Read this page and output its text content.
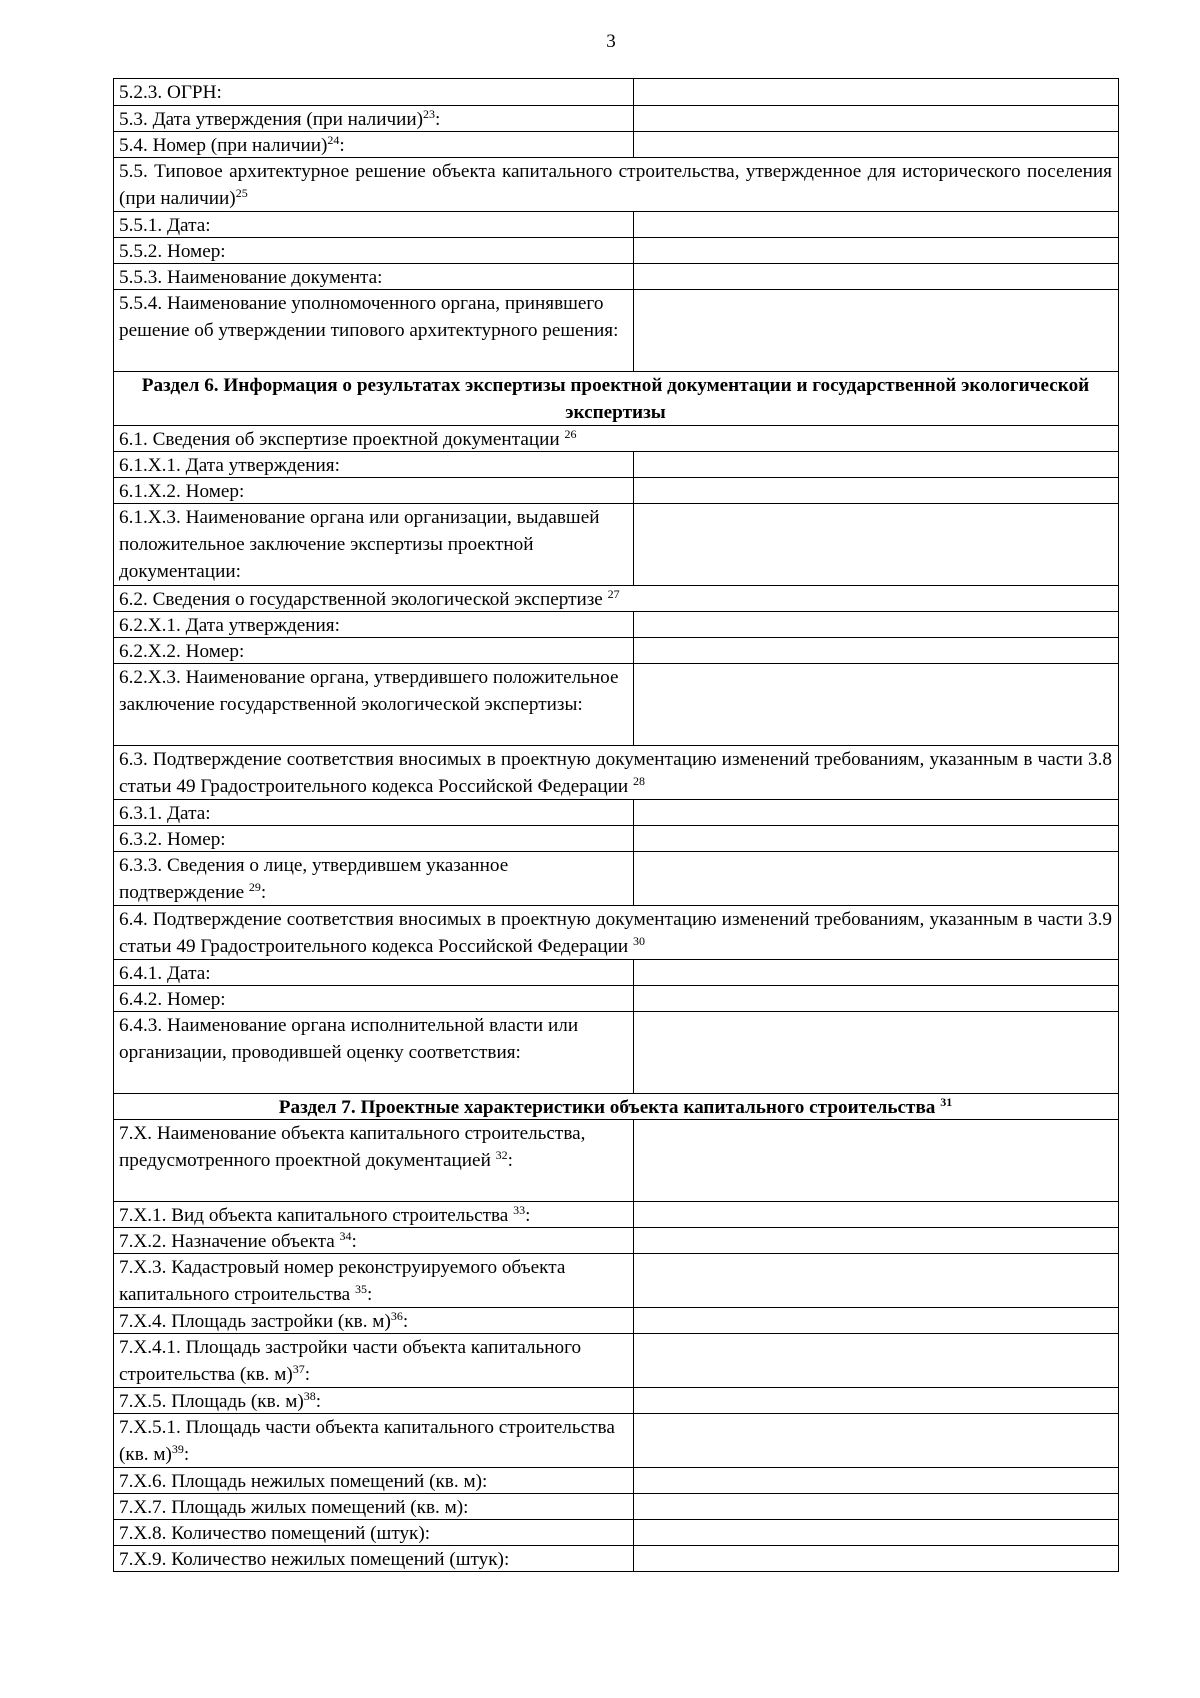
3
5.2.3. ОГРН:
5.3. Дата утверждения (при наличии)$^{23}$:
5.4. Номер (при наличии)$^{24}$:
5.5. Типовое архитектурное решение объекта капитального строительства, утвержденное для исторического поселения (при наличии)$^{25}$
5.5.1. Дата:
5.5.2. Номер:
5.5.3. Наименование документа:
5.5.4. Наименование уполномоченного органа, принявшего решение об утверждении типового архитектурного решения:
Раздел 6. Информация о результатах экспертизы проектной документации и государственной экологической экспертизы
6.1. Сведения об экспертизе проектной документации $^{26}$
6.1.Х.1. Дата утверждения:
6.1.Х.2. Номер:
6.1.Х.3. Наименование органа или организации, выдавшей положительное заключение экспертизы проектной документации:
6.2. Сведения о государственной экологической экспертизе $^{27}$
6.2.Х.1. Дата утверждения:
6.2.Х.2. Номер:
6.2.Х.3. Наименование органа, утвердившего положительное заключение государственной экологической экспертизы:
6.3. Подтверждение соответствия вносимых в проектную документацию изменений требованиям, указанным в части 3.8 статьи 49 Градостроительного кодекса Российской Федерации $^{28}$
6.3.1. Дата:
6.3.2. Номер:
6.3.3. Сведения о лице, утвердившем указанное подтверждение $^{29}$:
6.4. Подтверждение соответствия вносимых в проектную документацию изменений требованиям, указанным в части 3.9 статьи 49 Градостроительного кодекса Российской Федерации $^{30}$
6.4.1. Дата:
6.4.2. Номер:
6.4.3. Наименование органа исполнительной власти или организации, проводившей оценку соответствия:
Раздел 7. Проектные характеристики объекта капитального строительства $^{31}$
7.Х. Наименование объекта капитального строительства, предусмотренного проектной документацией $^{32}$:
7.Х.1. Вид объекта капитального строительства $^{33}$:
7.Х.2. Назначение объекта $^{34}$:
7.Х.3. Кадастровый номер реконструируемого объекта капитального строительства $^{35}$:
7.Х.4. Площадь застройки (кв. м)$^{36}$:
7.Х.4.1. Площадь застройки части объекта капитального строительства (кв. м)$^{37}$:
7.Х.5. Площадь (кв. м)$^{38}$:
7.Х.5.1. Площадь части объекта капитального строительства (кв. м)$^{39}$:
7.Х.6. Площадь нежилых помещений (кв. м):
7.Х.7. Площадь жилых помещений (кв. м):
7.Х.8. Количество помещений (штук):
7.Х.9. Количество нежилых помещений (штук):
